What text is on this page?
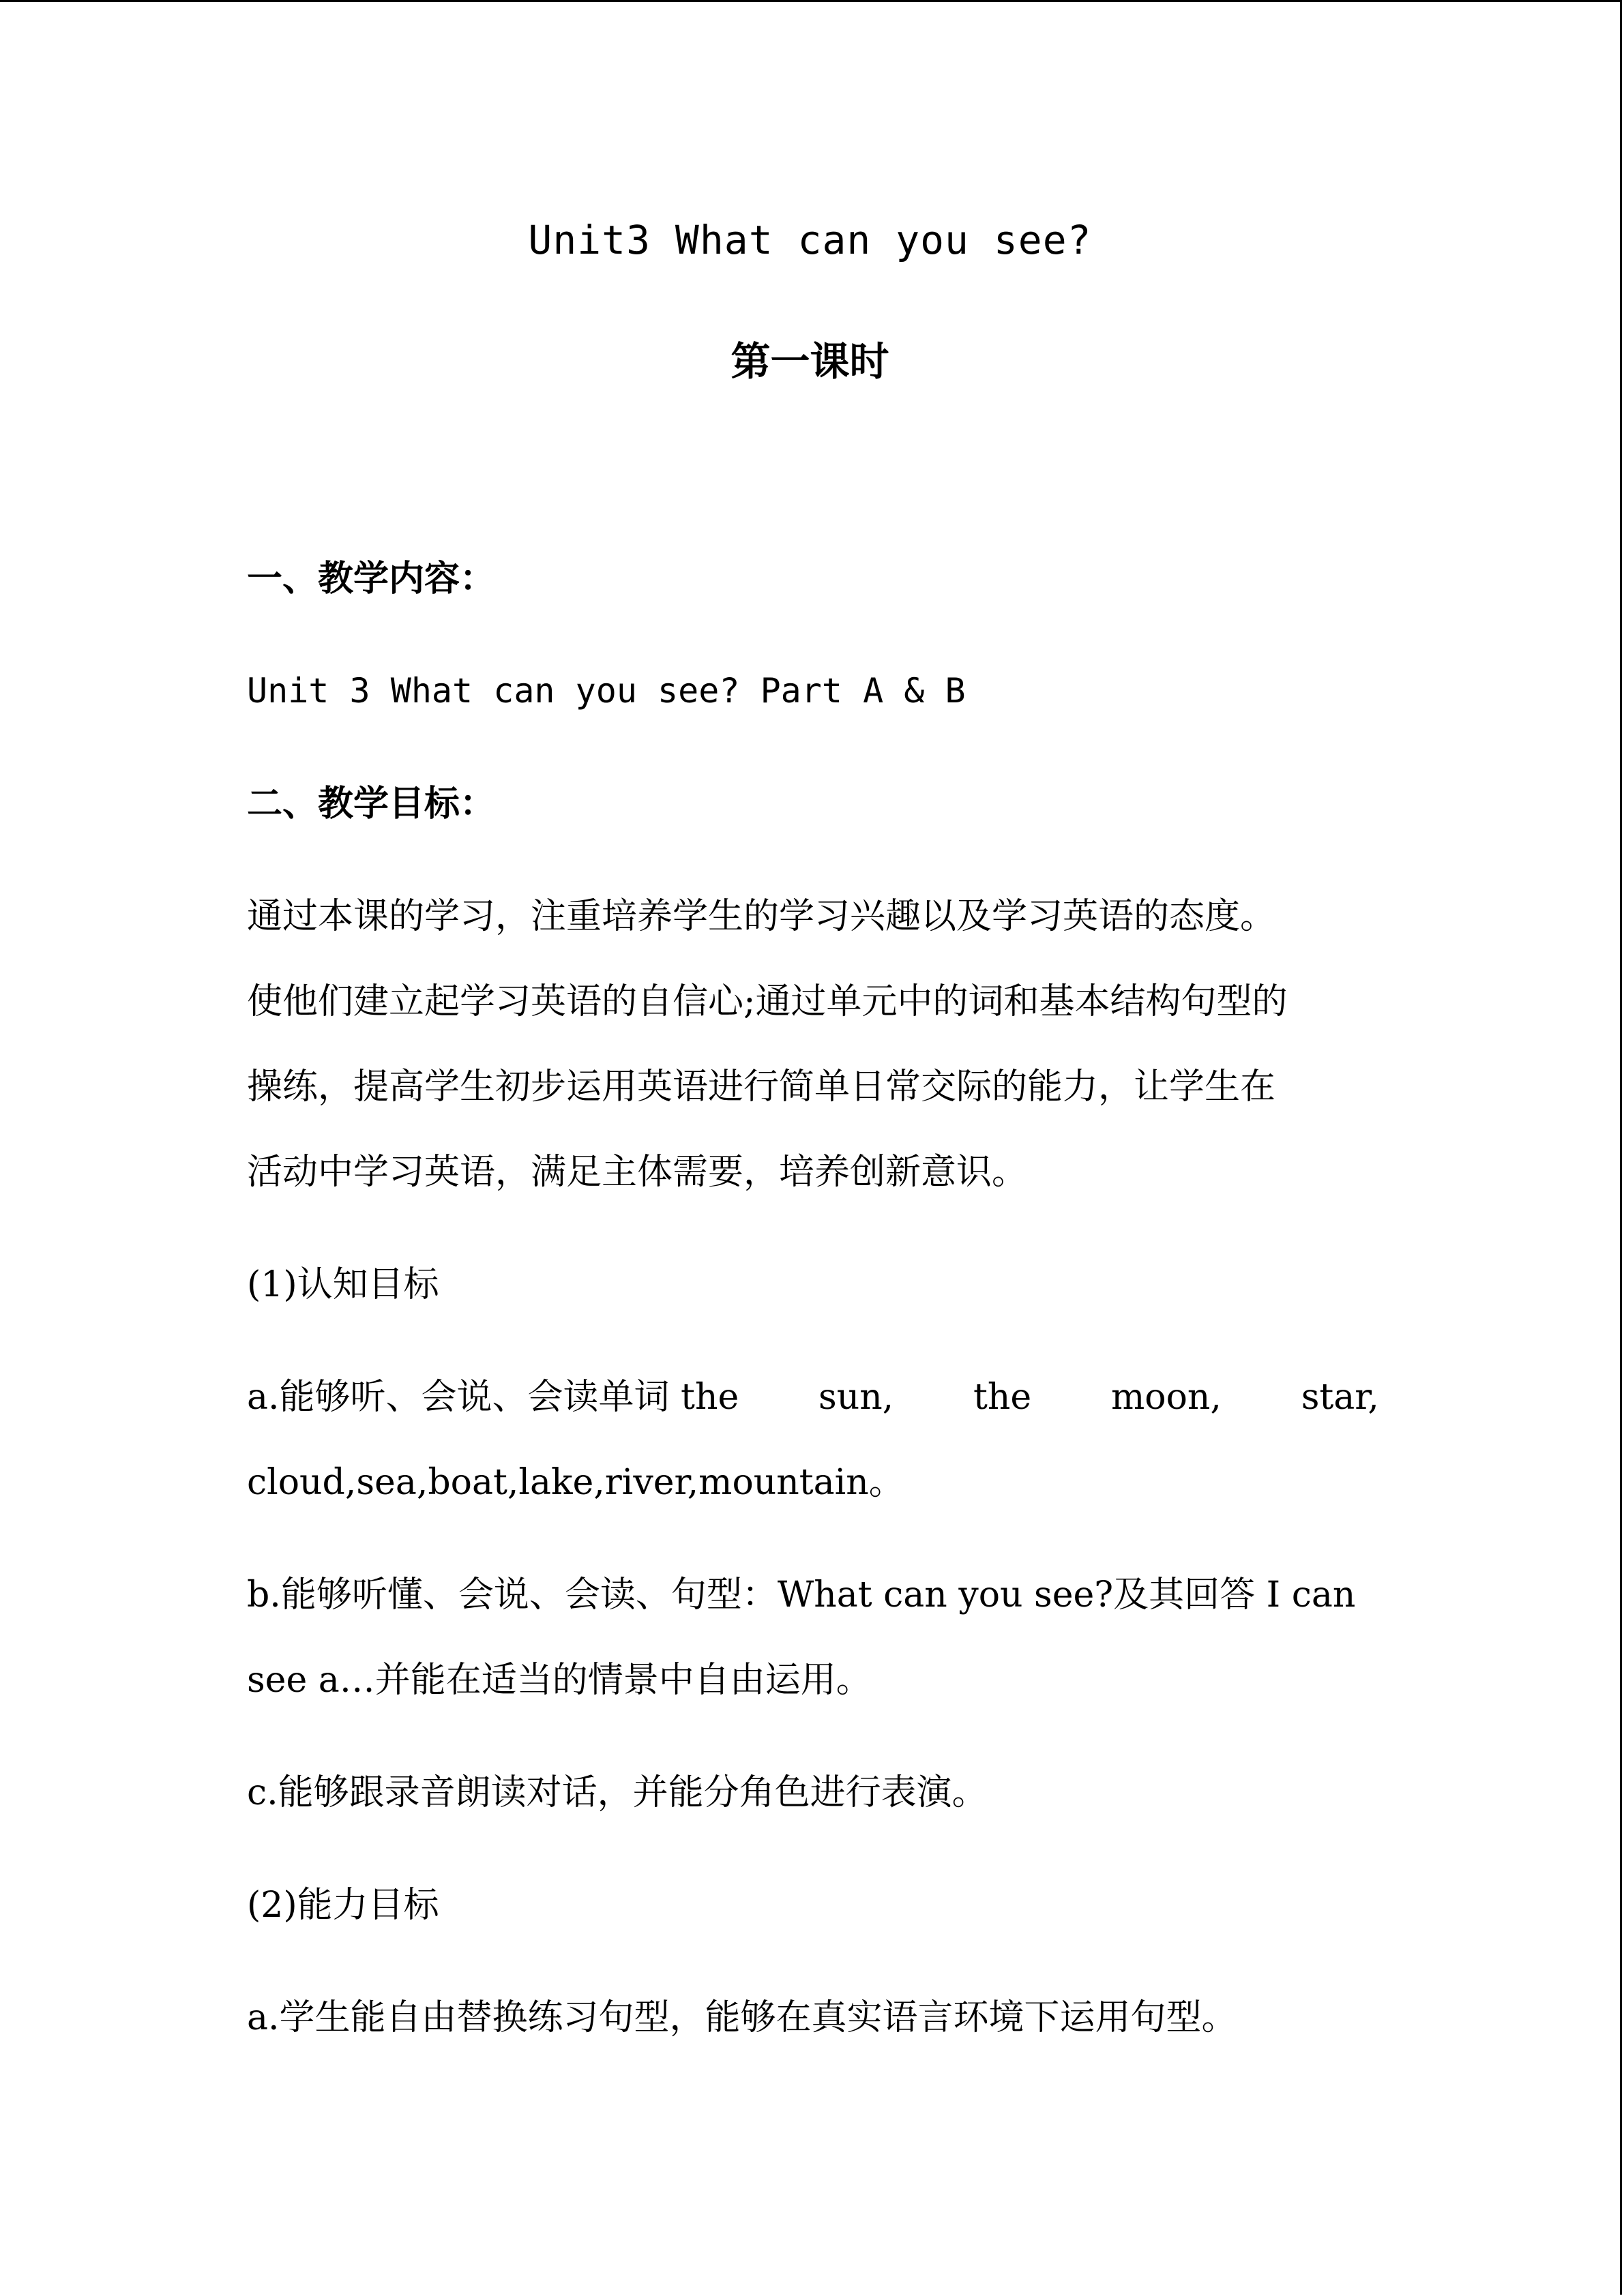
Unit3 What can you see?
第一课时
一、教学内容：
Unit 3 What can you see? Part A & B
二、教学目标：
通过本课的学习，注重培养学生的学习兴趣以及学习英语的态度。
使他们建立起学习英语的自信心;通过单元中的词和基本结构句型的
操练，提高学生初步运用英语进行简单日常交际的能力，让学生在
活动中学习英语，满足主体需要，培养创新意识。
(1)认知目标
a.能够听、会说、会读单词 the sun, the moon, star,
cloud,sea,boat,lake,river,mountain。
b.能够听懂、会说、会读、句型：What can you see?及其回答 I can
see a…并能在适当的情景中自由运用。
c.能够跟录音朗读对话，并能分角色进行表演。
(2)能力目标
a.学生能自由替换练习句型，能够在真实语言环境下运用句型。
